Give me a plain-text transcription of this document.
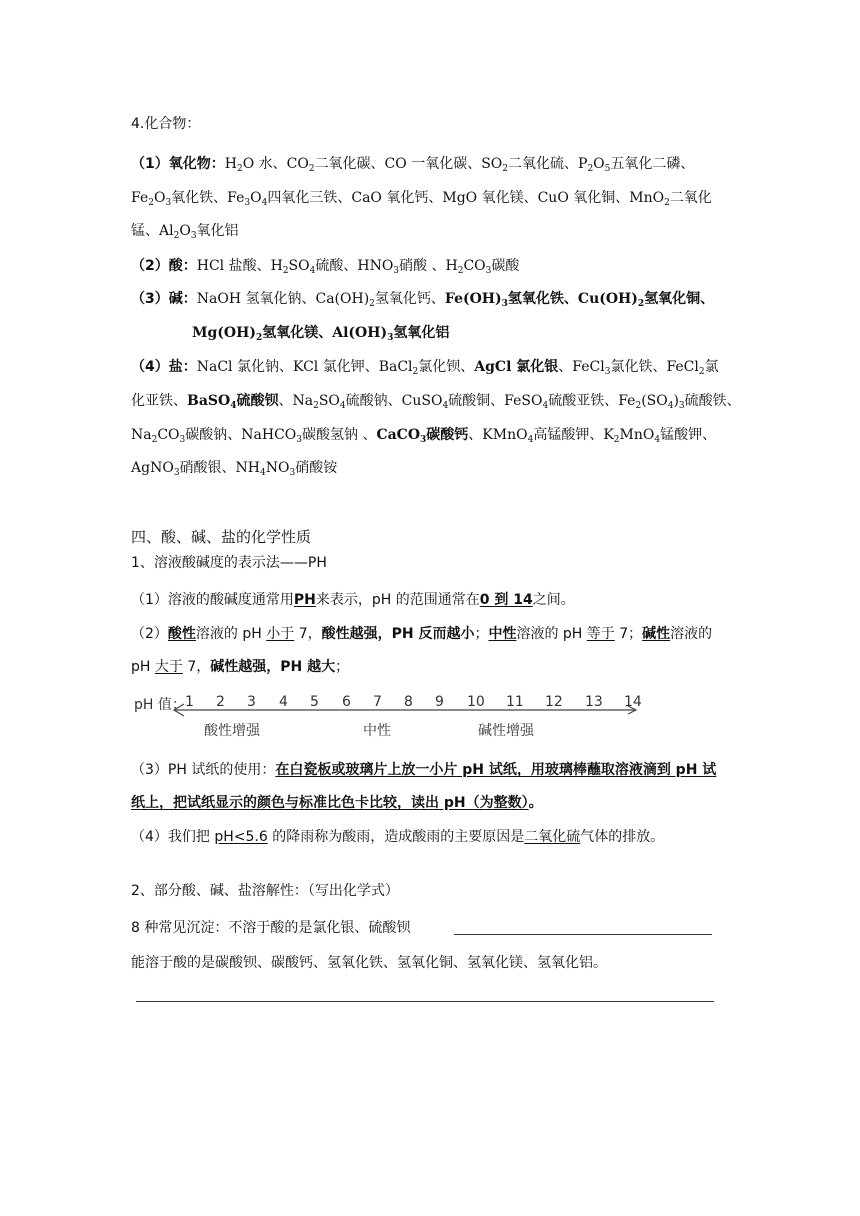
4.化合物：
（1）氧化物：$H_2O$ 水、$CO_2$二氧化碳、CO 一氧化碳、$SO_2$二氧化硫、$P_2O_5$五氧化二磷、
$Fe_2O_3$氧化铁、$Fe_3O_4$四氧化三铁、CaO 氧化钙、MgO 氧化镁、CuO 氧化铜、MnO$_2$二氧化
锰、$Al_2O_3$氧化铝
（2）酸：HCl 盐酸、$H_2SO_4$硫酸、$HNO_3$硝酸 、$H_2CO_3$碳酸
（3）碱：NaOH 氢氧化钠、$Ca(OH)_2$氢氧化钙、$Fe(OH)_3$氢氧化铁、$Cu(OH)_2$氢氧化铜、
$Mg(OH)_2$氢氧化镁、$Al(OH)_3$氢氧化铝
（4）盐：NaCl 氯化钠、KCl 氯化钾、BaCl$_2$氯化钡、AgCl 氯化银、FeCl$_3$氯化铁、FeCl$_2$氯
化亚铁、BaSO$_4$硫酸钡、$Na_2SO_4$硫酸钠、CuSO$_4$硫酸铜、FeSO$_4$硫酸亚铁、$Fe_2(SO_4)_3$硫酸铁、
$Na_2CO_3$碳酸钠、NaHCO$_3$碳酸氢钠 、CaCO$_3$碳酸钙、KMnO$_4$高锰酸钾、$K_2MnO_4$锰酸钾、
AgNO$_3$硝酸银、$NH_4NO_3$硝酸铵
四、酸、碱、盐的化学性质
1、溶液酸碱度的表示法——PH
（1）溶液的酸碱度通常用PH来表示，pH 的范围通常在0 到 14之间。
（2）酸性溶液的 pH 小于 7，酸性越强，PH 反而越小；中性溶液的 pH 等于 7；碱性溶液的
pH 大于 7，碱性越强，PH 越大；
pH 值： 1 2 3 4 5 6 7 8 9 10 11 12 13 14
酸性增强	中性	碱性增强
（3）PH 试纸的使用：在白瓷板或玻璃片上放一小片 pH 试纸，用玻璃棒蘸取溶液滴到 pH 试
纸上，把试纸显示的颜色与标准比色卡比较，读出 pH（为整数）。
（4）我们把 pH<5.6 的降雨称为酸雨，造成酸雨的主要原因是二氧化硫气体的排放。
2、部分酸、碱、盐溶解性：（写出化学式）
8 种常见沉淀：不溶于酸的是氯化银、硫酸钡
能溶于酸的是碳酸钡、碳酸钙、氢氧化铁、氢氧化铜、氢氧化镁、氢氧化铝。
